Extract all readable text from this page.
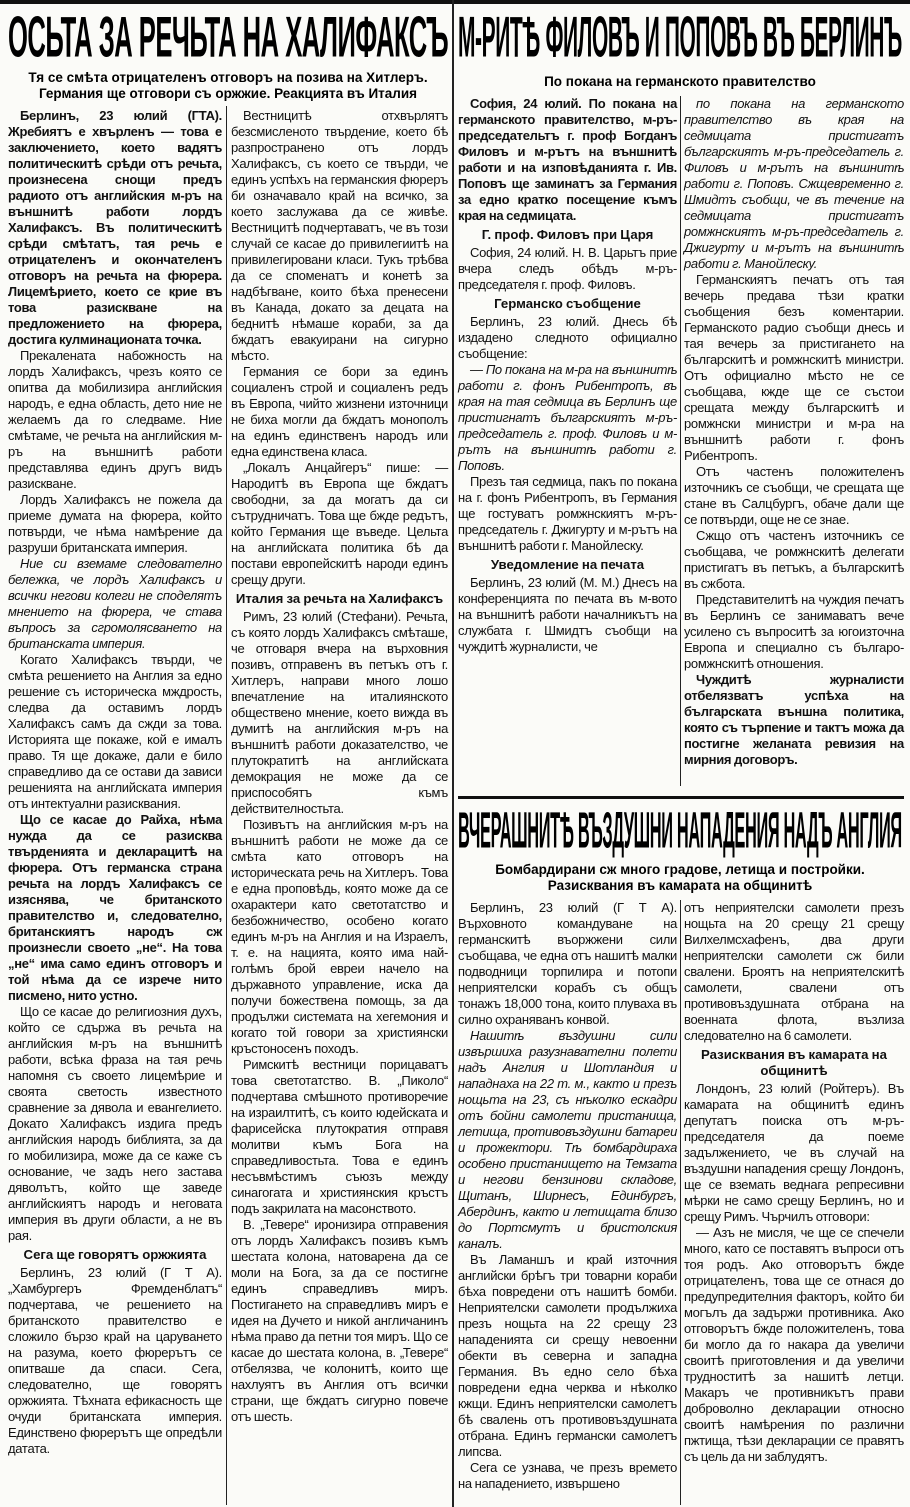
ОСЬТА ЗА РЕЧЬТА НА ХАЛИФАКСЪ
Тя се смѣта отрицателенъ отговоръ на позива на Хитлеръ. Германия ще отговори съ оржжие. Реакцията въ Италия

Берлинъ, 23 юлий (ГТА). Жребиятъ е хвърленъ — това е заключението, което вадятъ политическитѣ срѣди отъ речьта, произнесена снощи предъ радиото отъ английския м-ръ на външнитѣ работи лордъ Халифаксъ. Въ политическитѣ срѣди смѣтатъ, тая речь е отрицателенъ и окончателенъ отговоръ на речьта на фюрера. Лицемѣрието, което се крие въ това разискване на предложението на фюрера, достига кулминационата точка.

Прекалената набожность на лордъ Халифаксъ, чрезъ която се опитва да мобилизира английския народъ, е една область, дето ние не желаемъ да го следваме. Ние смѣтаме, че речьта на английския м-ръ на външнитѣ работи представлява единъ другъ видъ разискване.

Лордъ Халифаксъ не пожела да приеме думата на фюрера, който потвърди, че нѣма намѣрение да разруши британската империя.

Ние си вземаме следователно бележка, че лордъ Халифаксъ и всички негови колеги не споделятъ мнението на фюрера, че става въпросъ за сгромолясването на британската империя.

Когато Халифаксъ твърди, че смѣта решението на Англия за едно решение съ историческа мждрость, следва да оставимъ лордъ Халифаксъ самъ да сжди за това. Историята ще покаже, кой е ималъ право. Тя ще докаже, дали е било справедливо да се остави да зависи решенията на английската империя отъ интектуални разисквания.

Що се касае до Райха, нѣма нужда да се разисква твърденията и декларацитѣ на фюрера. Отъ германска страна речьта на лордъ Халифаксъ се изяснява, че британското правителство и, следователно, британскиятъ народъ сж произнесли своето „не“. На това „не“ има само единъ отговоръ и той нѣма да се изрече нито писмено, нито устно.

Що се касае до религиозния духъ, който се сдържа въ речьта на английския м-ръ на външнитѣ работи, всѣка фраза на тая речь напомня съ своето лицемѣрие и своята светость известното сравнение за дявола и евангелието. Докато Халифаксъ издига предъ английския народъ библията, за да го мобилизира, може да се каже съ основание, че задъ него застава дяволътъ, който ще заведе английскиятъ народъ и неговата империя въ други области, а не въ рая.

Сега ще говорятъ оржжията

Берлинъ, 23 юлий (Г Т А). „Хамбургеръ Фремденблатъ“ подчертава, че решението на британското правителство е сложило бързо край на царуването на разума, което фюрерътъ се опитваше да спаси. Сега, следователно, ще говорятъ оржжията. Тѣхната ефикасность ще очуди британската империя. Единствено фюрерътъ ще опредѣли датата.

Вестницитѣ отхвърлятъ безсмисленото твърдение, което бѣ разпространено отъ лордъ Халифаксъ, съ което се твърди, че единъ успѣхъ на германския фюреръ би означавало край на всичко, за което заслужава да се живѣе. Вестницитѣ подчертаватъ, че въ този случай се касае до привилегиитѣ на привилегировани класи. Тукъ трѣбва да се споменатъ и конетѣ за надбѣгване, които бѣха пренесени въ Канада, докато за децата на беднитѣ нѣмаше кораби, за да бждатъ евакуирани на сигурно мѣсто.

Германия се бори за единъ социаленъ строй и социаленъ редъ въ Европа, чийто жизнени източници не биха могли да бждатъ монополъ на единъ единственъ народъ или една единствена класа.

„Локалъ Анцайгеръ“ пише: — Народитѣ въ Европа ще бждатъ свободни, за да могатъ да си сътрудничатъ. Това ще бжде редътъ, който Германия ще въведе. Цельта на английската политика бѣ да постави европейскитѣ народи единъ срещу други.

Италия за речьта на Халифаксъ

Римъ, 23 юлий (Стефани). Речьта, съ която лордъ Халифаксъ смѣташе, че отговаря вчера на върховния позивъ, отправенъ въ петъкъ отъ г. Хитлеръ, направи много лошо впечатление на италиянското обществено мнение, което вижда въ думитѣ на английския м-ръ на външнитѣ работи доказателство, че плутократитѣ на английската демокрация не може да се приспособятъ къмъ действителностьта.

Позивътъ на английския м-ръ на външнитѣ работи не може да се смѣта като отговоръ на историческата речь на Хитлеръ. Това е една проповѣдь, която може да се охарактери като светотатство и безбожничество, особено когато единъ м-ръ на Англия и на Израелъ, т. е. на нацията, която има най-голѣмъ брой евреи начело на държавното управление, иска да получи божествена помощь, за да продължи системата на хегемония и когато той говори за християнски кръстоносенъ походъ.

Римскитѣ вестници порицаватъ това светотатство. В. „Пиколо“ подчертава смѣшното противоречие на израилтитѣ, съ които юдейската и фарисейска плутократия отправя молитви къмъ Бога на справедливостьта. Това е единъ несъвмѣстимъ съюзъ между синагогата и християнския кръстъ подъ закрилата на масонството.

В. „Тевере“ иронизира отправения отъ лордъ Халифаксъ позивъ къмъ шестата колона, натоварена да се моли на Бога, за да се постигне единъ справедливъ миръ. Постигането на справедливъ миръ е идея на Дучето и никой англичанинъ нѣма право да петни тоя миръ. Що се касае до шестата колона, в. „Тевере“ отбелязва, че колонитѣ, които ще нахлуятъ въ Англия отъ всички страни, ще бждатъ сигурно повече отъ шесть.

М-РИТѢ ФИЛОВЪ И ПОПОВЪ ВЪ БЕРЛИНЪ
По покана на германското правителство

София, 24 юлий. По покана на германското правителство, м-ръ-председательтъ г. проф Богданъ Филовъ и м-рътъ на външнитѣ работи и на изповѣданията г. Ив. Поповъ ще заминатъ за Германия за едно кратко посещение къмъ края на седмицата.

Г. проф. Филовъ при Царя

София, 24 юлий. Н. В. Царьтъ прие вчера следъ обѣдъ м-ръ-председателя г. проф. Филовъ.

Германско съобщение

Берлинъ, 23 юлий. Днесь бѣ издадено следното официално съобщение:

— По покана на м-ра на външнитѣ работи г. фонъ Рибентропъ, въ края на тая седмица въ Берлинъ ще пристигнатъ българскиятъ м-ръ-председатель г. проф. Филовъ и м-рътъ на външнитѣ работи г. Поповъ.

Презъ тая седмица, пакъ по покана на г. фонъ Рибентропъ, въ Германия ще гостуватъ ромжнскиятъ м-ръ-председатель г. Джигурту и м-рътъ на външнитѣ работи г. Манойлеску.

Уведомление на печата

Берлинъ, 23 юлий (М. М.) Днесъ на конференцията по печата въ м-вото на външнитѣ работи началникътъ на службата г. Шмидтъ съобщи на чуждитѣ журналисти, че

по покана на германското правителство въ края на седмицата пристигатъ българскиятъ м-ръ-председатель г. Филовъ и м-рътъ на външнитѣ работи г. Поповъ. Сжщевременно г. Шмидтъ съобщи, че въ течение на седмицата пристигатъ ромжнскиятъ м-ръ-председатель г. Джигурту и м-рътъ на външнитѣ работи г. Манойлеску.

Германскиятъ печатъ отъ тая вечерь предава тѣзи кратки съобщения безъ коментарии. Германското радио съобщи днесь и тая вечерь за пристигането на българскитѣ и ромжнскитѣ министри. Отъ официално мѣсто не се съобщава, кжде ще се състои срещата между българскитѣ и ромжнски министри и м-ра на външнитѣ работи г. фонъ Рибентропъ.

Отъ частенъ положителенъ източникъ се съобщи, че срещата ще стане въ Салцбургъ, обаче дали ще се потвърди, още не се знае.

Сжщо отъ частенъ източникъ се съобщава, че ромжнскитѣ делегати пристигатъ въ петъкъ, а българскитѣ въ сжбота.

Представителитѣ на чуждия печатъ въ Берлинъ се занимаватъ вече усилено съ въпроситѣ за югоизточна Европа и специално съ българо-ромжнскитѣ отношения.

Чуждитѣ журналисти отбелязватъ успѣха на българската външна политика, която съ търпение и тактъ можа да постигне желаната ревизия на мирния договоръ.

ВЧЕРАШНИТѢ ВЪЗДУШНИ НАПАДЕНИЯ НАДЪ АНГЛИЯ
Бомбардирани сж много градове, летища и постройки. Разисквания въ камарата на общинитѣ

Берлинъ, 23 юлий (Г Т А). Върховното командуване на германскитѣ въоржжени сили съобщава, че една отъ нашитѣ малки подводници торпилира и потопи неприятелски корабъ съ общъ тонажъ 18,000 тона, които плуваха въ силно охраняванъ конвой.

Нашитѣ въздушни сили извършиха разузнавателни полети надъ Англия и Шотландия и нападнаха на 22 т. м., както и презъ нощьта на 23, съ нѣколко ескадри отъ бойни самолети пристанища, летища, противовъздушни батареи и прожектори. Тѣ бомбардираха особено пристанището на Темзата и негови бензинови складове, Щитанъ, Ширнесъ, Единбургъ, Абердинъ, както и летищата близо до Портсмутъ и бристолския каналъ.

Въ Ламаншъ и край източния английски брѣгъ три товарни кораби бѣха повредени отъ нашитѣ бомби. Неприятелски самолети продължиха презъ нощьта на 22 срещу 23 нападенията си срещу невоенни обекти въ северна и западна Германия. Въ едно село бѣха повредени една черква и нѣколко кжщи. Единъ неприятелски самолетъ бѣ свалень отъ противовъздушната отбрана. Единъ германски самолетъ липсва.

Сега се узнава, че презъ времето на нападението, извършено

отъ неприятелски самолети презъ нощьта на 20 срещу 21 срещу Вилхелмсхафенъ, два други неприятелски самолети сж били свалени. Броятъ на неприятелскитѣ самолети, свалени отъ противовъздушната отбрана на военната флота, възлиза следователно на 6 самолети.

Разисквания въ камарата на общинитѣ

Лондонъ, 23 юлий (Ройтеръ). Въ камарата на общинитѣ единъ депутатъ поиска отъ м-ръ-председателя да поеме задължението, че въ случай на въздушни нападения срещу Лондонъ, ще се вземать веднага репресивни мѣрки не само срещу Берлинъ, но и срещу Римъ. Чърчилъ отговори:

— Азъ не мисля, че ще се спечели много, като се поставятъ въпроси отъ тоя родъ. Ако отговорътъ бжде отрицателенъ, това ще се отнася до предупредителния факторъ, който би могълъ да задържи противника. Ако отговорътъ бжде положителенъ, това би могло да го накара да увеличи своитѣ приготовления и да увеличи трудноститѣ за нашитѣ летци. Макаръ че противникътъ прави доброволно декларации относно своитѣ намѣрения по различни пжтища, тѣзи декларации се правятъ съ цель да ни заблудятъ.
